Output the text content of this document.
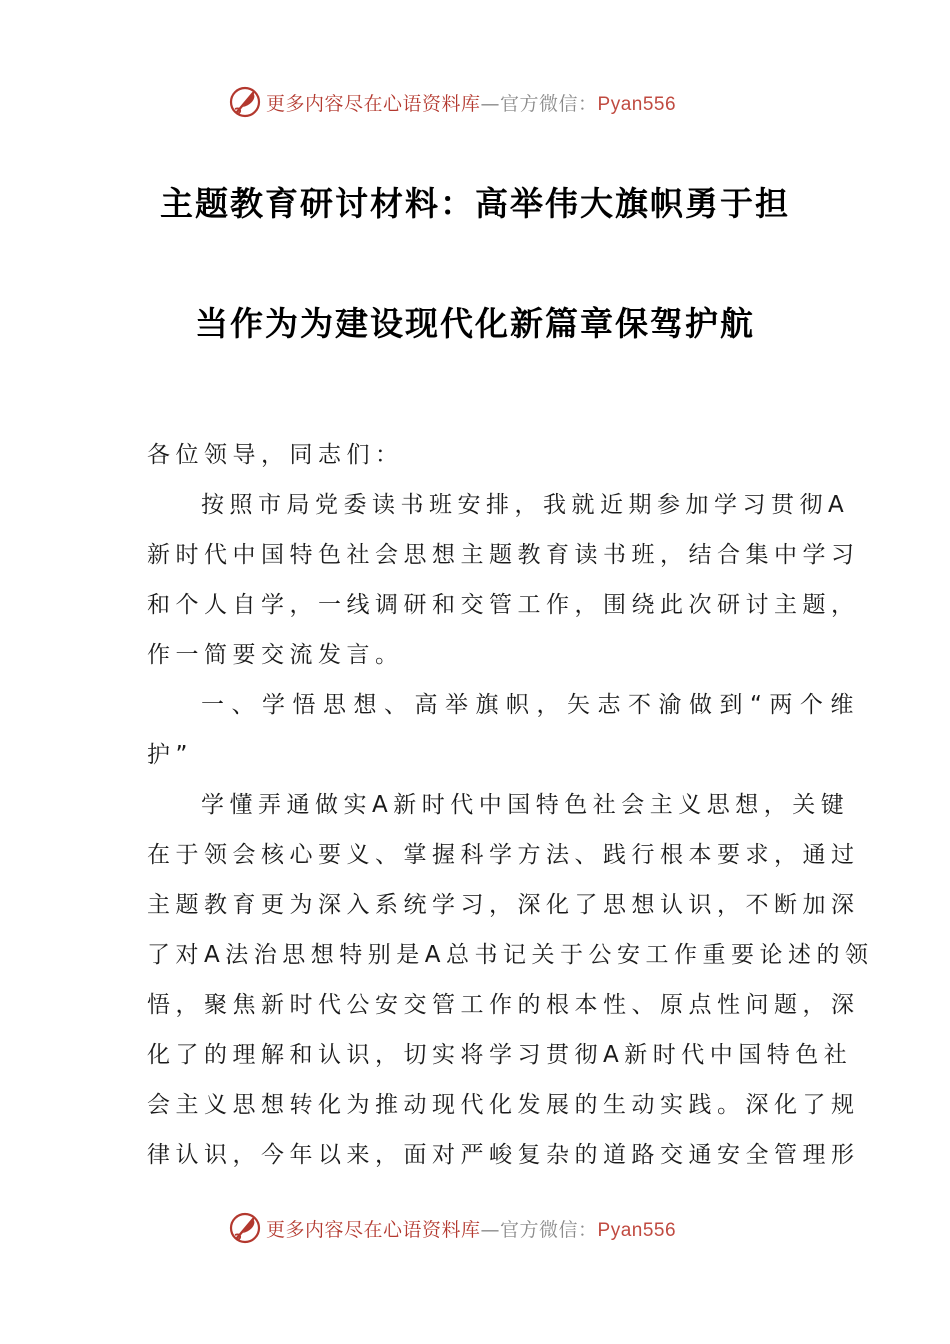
更多内容尽在心语资料库—官方微信：Pyan556
主题教育研讨材料：高举伟大旗帜勇于担
当作为为建设现代化新篇章保驾护航
各位领导，同志们：
按照市局党委读书班安排，我就近期参加学习贯彻A
新时代中国特色社会思想主题教育读书班，结合集中学习
和个人自学，一线调研和交管工作，围绕此次研讨主题，
作一简要交流发言。
一、学悟思想、高举旗帜，矢志不渝做到“两个维
护”
学懂弄通做实A新时代中国特色社会主义思想，关键
在于领会核心要义、掌握科学方法、践行根本要求，通过
主题教育更为深入系统学习，深化了思想认识，不断加深
了对A法治思想特别是A总书记关于公安工作重要论述的领
悟，聚焦新时代公安交管工作的根本性、原点性问题，深
化了的理解和认识，切实将学习贯彻A新时代中国特色社
会主义思想转化为推动现代化发展的生动实践。深化了规
律认识，今年以来，面对严峻复杂的道路交通安全管理形
更多内容尽在心语资料库—官方微信：Pyan556
